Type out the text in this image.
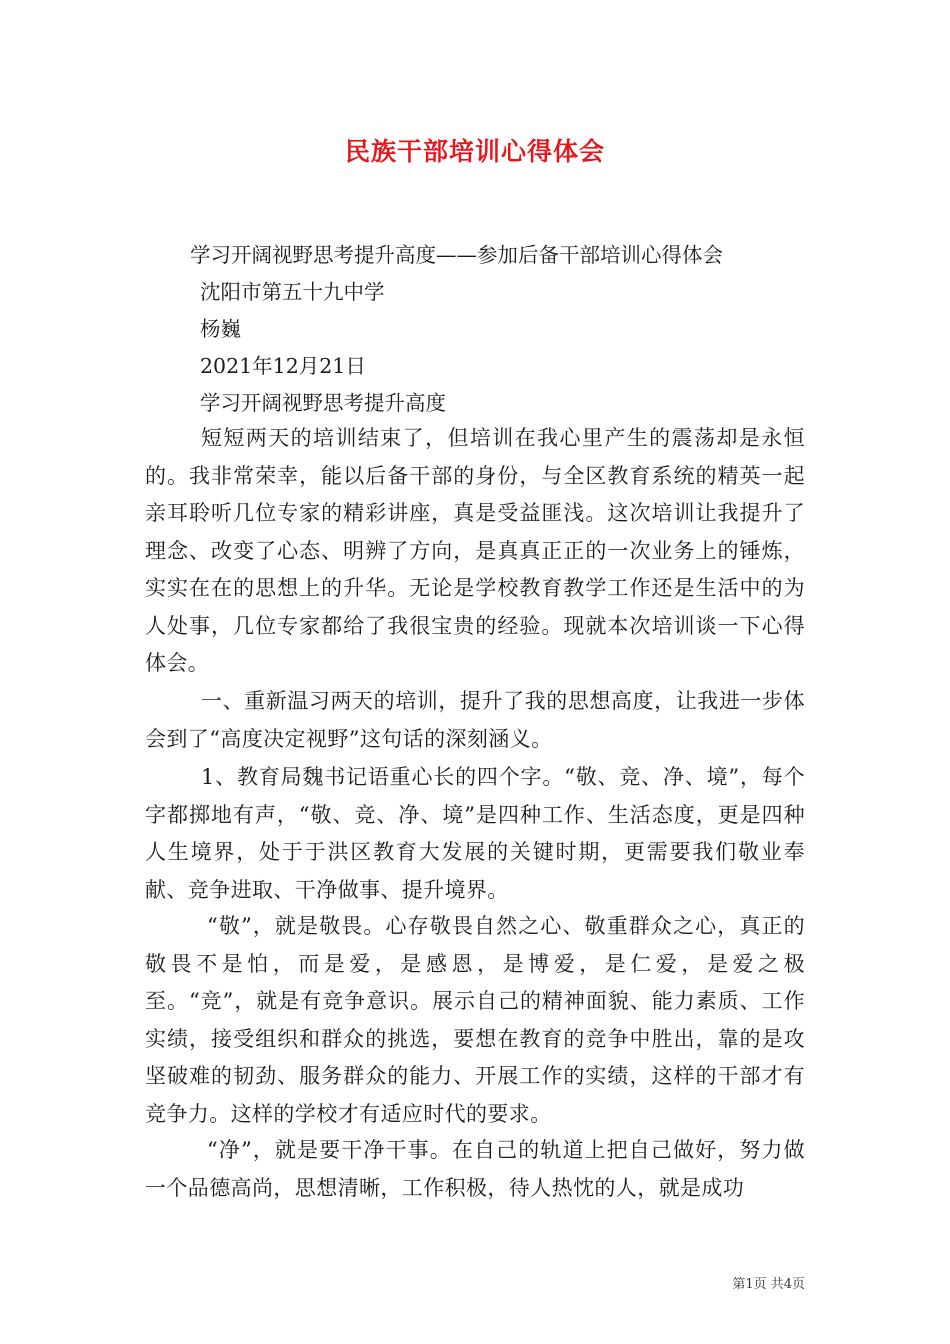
民族干部培训心得体会
学习开阔视野思考提升高度——参加后备干部培训心得体会
沈阳市第五十九中学
杨巍
2021年12月21日
学习开阔视野思考提升高度
短短两天的培训结束了，但培训在我心里产生的震荡却是永恒的。我非常荣幸，能以后备干部的身份，与全区教育系统的精英一起亲耳聆听几位专家的精彩讲座，真是受益匪浅。这次培训让我提升了理念、改变了心态、明辨了方向，是真真正正的一次业务上的锤炼，实实在在的思想上的升华。无论是学校教育教学工作还是生活中的为人处事，几位专家都给了我很宝贵的经验。现就本次培训谈一下心得体会。
一、重新温习两天的培训，提升了我的思想高度，让我进一步体会到了“高度决定视野”这句话的深刻涵义。
1、教育局魏书记语重心长的四个字。“敬、竞、净、境”，每个字都掷地有声，“敬、竞、净、境”是四种工作、生活态度，更是四种人生境界，处于于洪区教育大发展的关键时期，更需要我们敬业奉献、竞争进取、干净做事、提升境界。
“敬”，就是敬畏。心存敬畏自然之心、敬重群众之心，真正的敬畏不是怕，而是爱，是感恩，是博爱，是仁爱，是爱之极至。“竞”，就是有竞争意识。展示自己的精神面貌、能力素质、工作实绩，接受组织和群众的挑选，要想在教育的竞争中胜出，靠的是攻坚破难的韧劲、服务群众的能力、开展工作的实绩，这样的干部才有竞争力。这样的学校才有适应时代的要求。
“净”，就是要干净干事。在自己的轨道上把自己做好，努力做一个品德高尚，思想清晰，工作积极，待人热忱的人，就是成功
第1页 共4页
